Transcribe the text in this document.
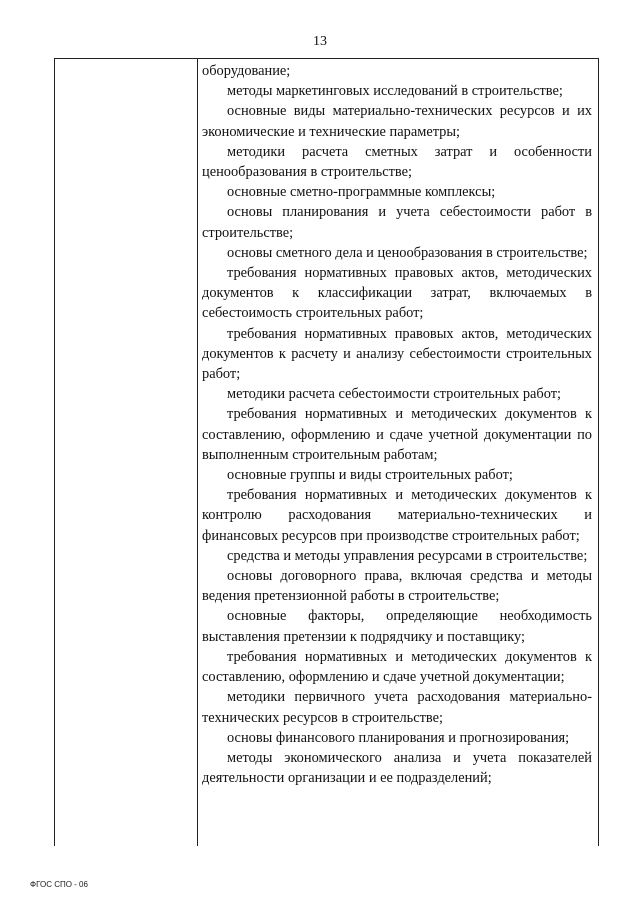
13

оборудование;

методы маркетинговых исследований в строительстве;

основные виды материально-технических ресурсов и их экономические и технические параметры;

методики расчета сметных затрат и особенности ценообразования в строительстве;

основные сметно-программные комплексы;

основы планирования и учета себестоимости работ в строительстве;

основы сметного дела и ценообразования в строительстве;

требования нормативных правовых актов, методических документов к классификации затрат, включаемых в себестоимость строительных работ;

требования нормативных правовых актов, методических документов к расчету и анализу себестоимости строительных работ;

методики расчета себестоимости строительных работ;

требования нормативных и методических документов к составлению, оформлению и сдаче учетной документации по выполненным строительным работам;

основные группы и виды строительных работ;

требования нормативных и методических документов к контролю расходования материально-технических и финансовых ресурсов при производстве строительных работ;

средства и методы управления ресурсами в строительстве;

основы договорного права, включая средства и методы ведения претензионной работы в строительстве;

основные факторы, определяющие необходимость выставления претензии к подрядчику и поставщику;

требования нормативных и методических документов к составлению, оформлению и сдаче учетной документации;

методики первичного учета расходования материально-технических ресурсов в строительстве;

основы финансового планирования и прогнозирования;

методы экономического анализа и учета показателей деятельности организации и ее подразделений;

ФГОС СПО - 06
